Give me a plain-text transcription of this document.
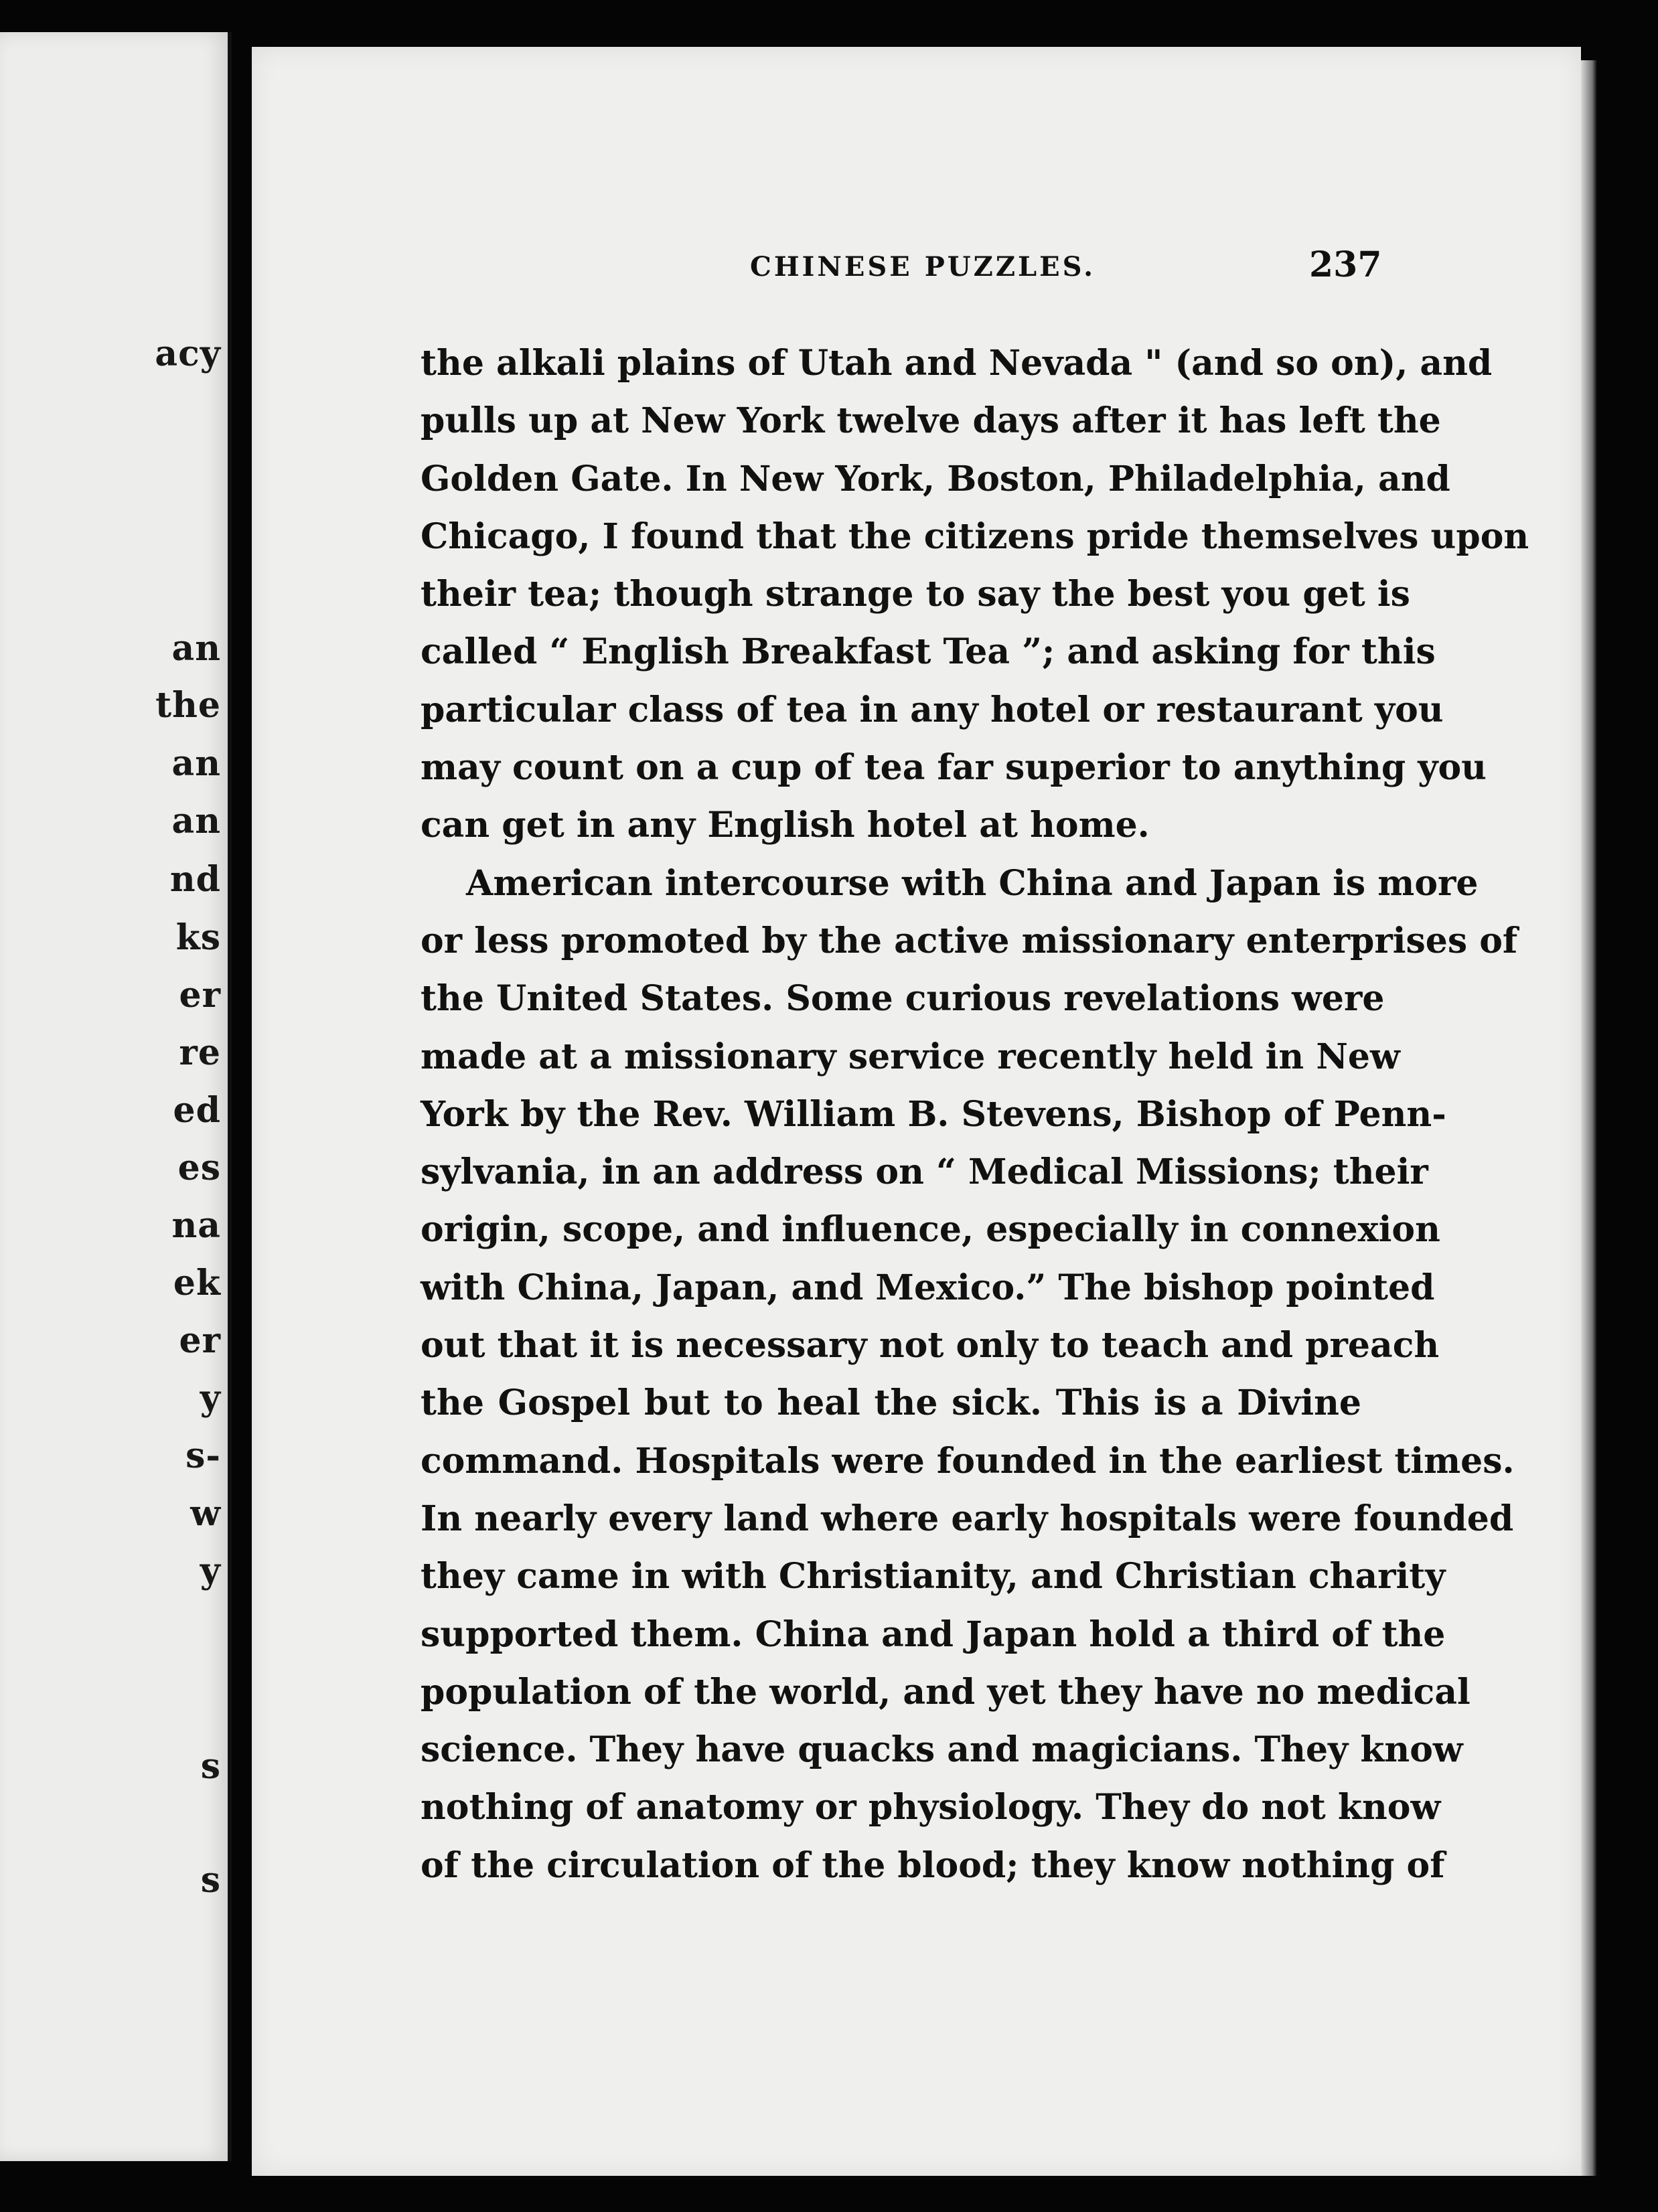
acy
an
the
an
an
nd
ks
er
re
ed
es
na
ek
er
y
s-
w
y
s
s
CHINESE PUZZLES.	237
the alkali plains of Utah and Nevada " (and so on), and
pulls up at New York twelve days after it has left the
Golden Gate. In New York, Boston, Philadelphia, and
Chicago, I found that the citizens pride themselves upon
their tea; though strange to say the best you get is
called “ English Breakfast Tea ”; and asking for this
particular class of tea in any hotel or restaurant you
may count on a cup of tea far superior to anything you
can get in any English hotel at home.
American intercourse with China and Japan is more
or less promoted by the active missionary enterprises of
the United States. Some curious revelations were
made at a missionary service recently held in New
York by the Rev. William B. Stevens, Bishop of Penn-
sylvania, in an address on “ Medical Missions; their
origin, scope, and influence, especially in connexion
with China, Japan, and Mexico.” The bishop pointed
out that it is necessary not only to teach and preach
the Gospel but to heal the sick. This is a Divine
command. Hospitals were founded in the earliest times.
In nearly every land where early hospitals were founded
they came in with Christianity, and Christian charity
supported them. China and Japan hold a third of the
population of the world, and yet they have no medical
science. They have quacks and magicians. They know
nothing of anatomy or physiology. They do not know
of the circulation of the blood; they know nothing of
